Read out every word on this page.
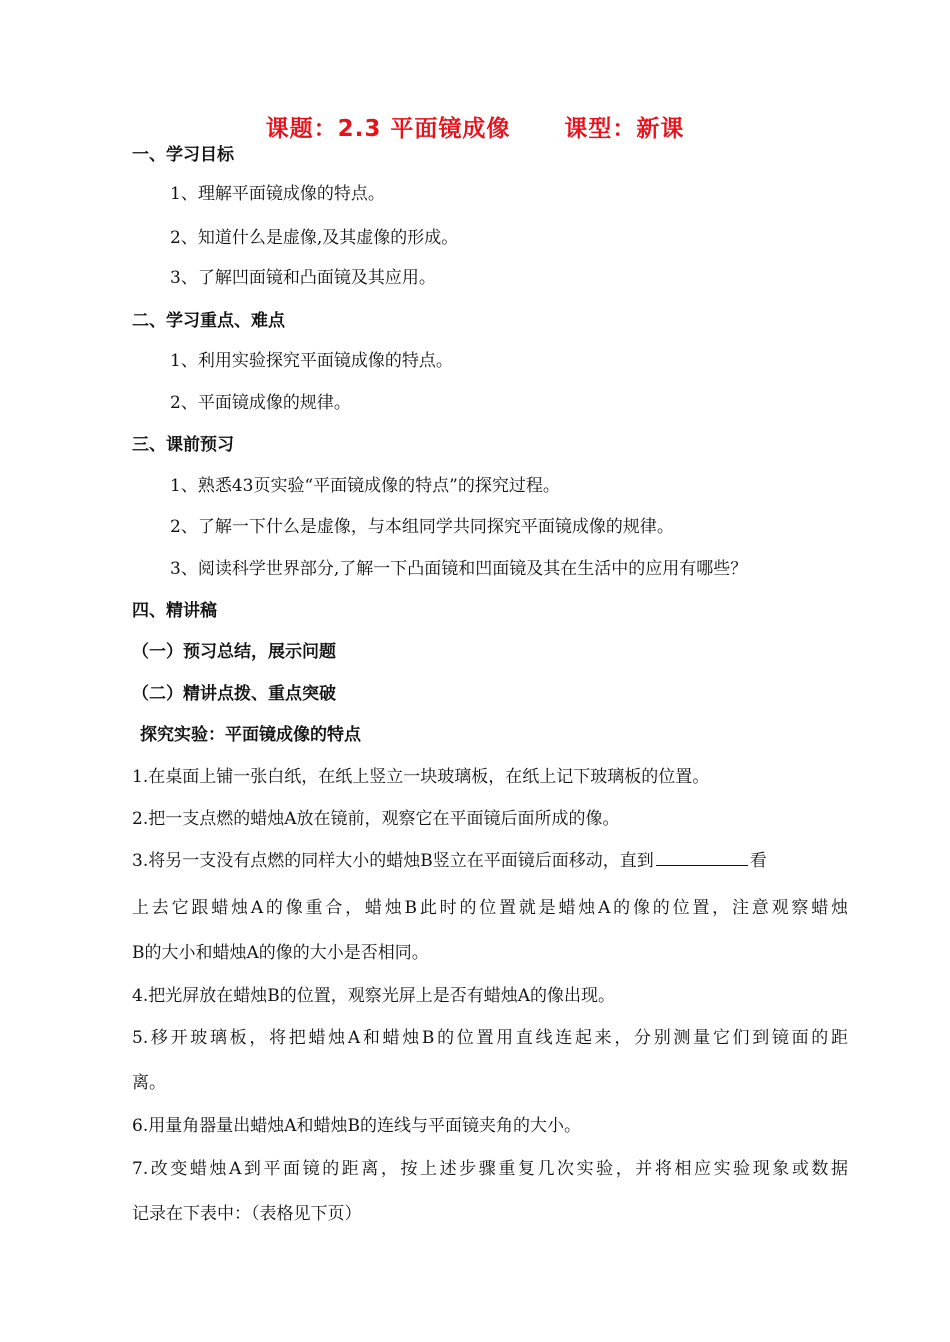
课题：2.3 平面镜成像      课型：新课
一、学习目标
1、理解平面镜成像的特点。
2、知道什么是虚像,及其虚像的形成。
3、了解凹面镜和凸面镜及其应用。
二、学习重点、难点
1、利用实验探究平面镜成像的特点。
2、平面镜成像的规律。
三、课前预习
1、熟悉43页实验“平面镜成像的特点”的探究过程。
2、了解一下什么是虚像，与本组同学共同探究平面镜成像的规律。
3、阅读科学世界部分,了解一下凸面镜和凹面镜及其在生活中的应用有哪些？
四、精讲稿
（一）预习总结，展示问题
（二）精讲点拨、重点突破
探究实验：平面镜成像的特点
1.在桌面上铺一张白纸，在纸上竖立一块玻璃板，在纸上记下玻璃板的位置。
2.把一支点燃的蜡烛A放在镜前，观察它在平面镜后面所成的像。
3.将另一支没有点燃的同样大小的蜡烛B竖立在平面镜后面移动，直到	看
上去它跟蜡烛A的像重合，蜡烛B此时的位置就是蜡烛A的像的位置，注意观察蜡烛
B的大小和蜡烛A的像的大小是否相同。
4.把光屏放在蜡烛B的位置，观察光屏上是否有蜡烛A的像出现。
5.移开玻璃板，将把蜡烛A和蜡烛B的位置用直线连起来，分别测量它们到镜面的距
离。
6.用量角器量出蜡烛A和蜡烛B的连线与平面镜夹角的大小。
7.改变蜡烛A到平面镜的距离，按上述步骤重复几次实验，并将相应实验现象或数据
记录在下表中：（表格见下页）
